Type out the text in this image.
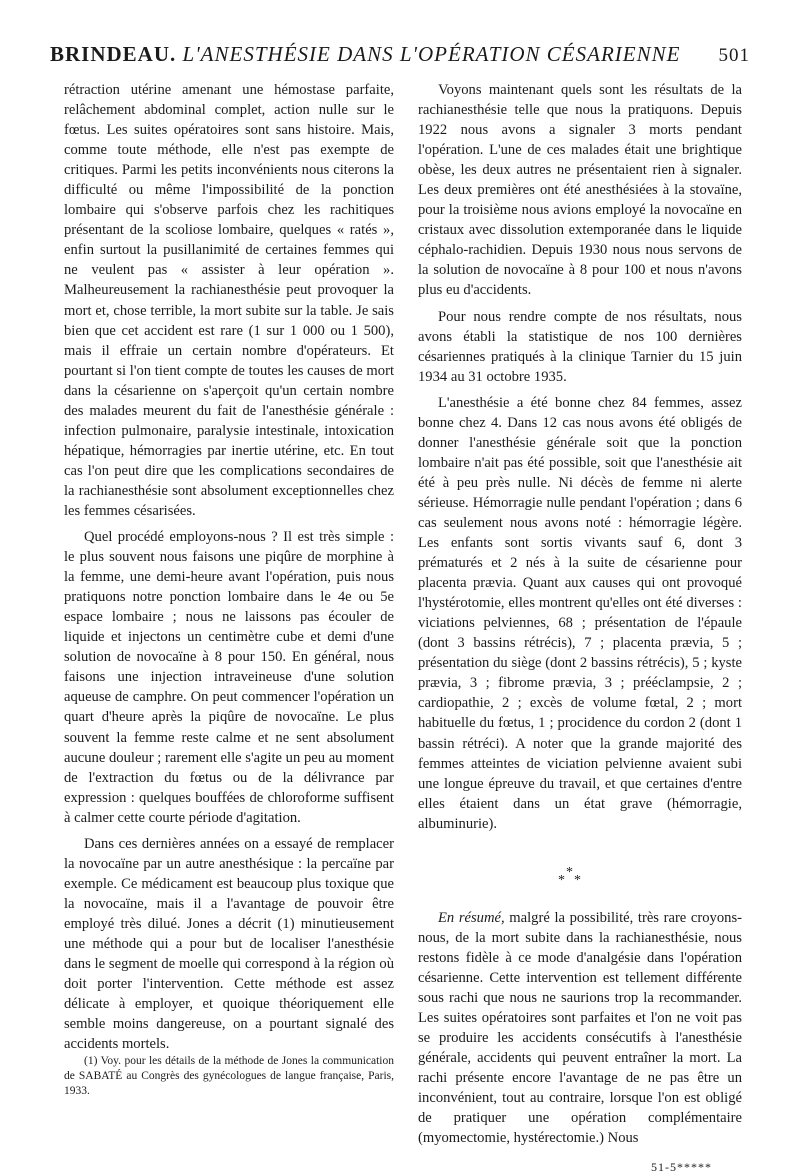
BRINDEAU. L'ANESTHÉSIE DANS L'OPÉRATION CÉSARIENNE 501

rétraction utérine amenant une hémostase parfaite, relâchement abdominal complet, action nulle sur le fœtus. Les suites opératoires sont sans histoire. Mais, comme toute méthode, elle n'est pas exempte de critiques. Parmi les petits inconvénients nous citerons la difficulté ou même l'impossibilité de la ponction lombaire qui s'observe parfois chez les rachitiques présentant de la scoliose lombaire, quelques « ratés », enfin surtout la pusillanimité de certaines femmes qui ne veulent pas « assister à leur opération ». Malheureusement la rachianesthésie peut provoquer la mort et, chose terrible, la mort subite sur la table. Je sais bien que cet accident est rare (1 sur 1 000 ou 1 500), mais il effraie un certain nombre d'opérateurs. Et pourtant si l'on tient compte de toutes les causes de mort dans la césarienne on s'aperçoit qu'un certain nombre des malades meurent du fait de l'anesthésie générale : infection pulmonaire, paralysie intestinale, intoxication hépatique, hémorragies par inertie utérine, etc. En tout cas l'on peut dire que les complications secondaires de la rachianesthésie sont absolument exceptionnelles chez les femmes césarisées.

Quel procédé employons-nous ? Il est très simple : le plus souvent nous faisons une piqûre de morphine à la femme, une demi-heure avant l'opération, puis nous pratiquons notre ponction lombaire dans le 4e ou 5e espace lombaire ; nous ne laissons pas écouler de liquide et injectons un centimètre cube et demi d'une solution de novocaïne à 8 pour 150. En général, nous faisons une injection intraveineuse d'une solution aqueuse de camphre. On peut commencer l'opération un quart d'heure après la piqûre de novocaïne. Le plus souvent la femme reste calme et ne sent absolument aucune douleur ; rarement elle s'agite un peu au moment de l'extraction du fœtus ou de la délivrance par expression : quelques bouffées de chloroforme suffisent à calmer cette courte période d'agitation.

Dans ces dernières années on a essayé de remplacer la novocaïne par un autre anesthésique : la percaïne par exemple. Ce médicament est beaucoup plus toxique que la novocaïne, mais il a l'avantage de pouvoir être employé très dilué. Jones a décrit (1) minutieusement une méthode qui a pour but de localiser l'anesthésie dans le segment de moelle qui correspond à la région où doit porter l'intervention. Cette méthode est assez délicate à employer, et quoique théoriquement elle semble moins dangereuse, on a pourtant signalé des accidents mortels.

(1) Voy. pour les détails de la méthode de Jones la communication de SABATÉ au Congrès des gynécologues de langue française, Paris, 1933.

Voyons maintenant quels sont les résultats de la rachianesthésie telle que nous la pratiquons. Depuis 1922 nous avons a signaler 3 morts pendant l'opération. L'une de ces malades était une brightique obèse, les deux autres ne présentaient rien à signaler. Les deux premières ont été anesthésiées à la stovaïne, pour la troisième nous avions employé la novocaïne en cristaux avec dissolution extemporanée dans le liquide céphalo-rachidien. Depuis 1930 nous nous servons de la solution de novocaïne à 8 pour 100 et nous n'avons plus eu d'accidents.

Pour nous rendre compte de nos résultats, nous avons établi la statistique de nos 100 dernières césariennes pratiqués à la clinique Tarnier du 15 juin 1934 au 31 octobre 1935.

L'anesthésie a été bonne chez 84 femmes, assez bonne chez 4. Dans 12 cas nous avons été obligés de donner l'anesthésie générale soit que la ponction lombaire n'ait pas été possible, soit que l'anesthésie ait été à peu près nulle. Ni décès de femme ni alerte sérieuse. Hémorragie nulle pendant l'opération ; dans 6 cas seulement nous avons noté : hémorragie légère. Les enfants sont sortis vivants sauf 6, dont 3 prématurés et 2 nés à la suite de césarienne pour placenta prævia. Quant aux causes qui ont provoqué l'hystérotomie, elles montrent qu'elles ont été diverses : viciations pelviennes, 68 ; présentation de l'épaule (dont 3 bassins rétrécis), 7 ; placenta prævia, 5 ; présentation du siège (dont 2 bassins rétrécis), 5 ; kyste prævia, 3 ; fibrome prævia, 3 ; prééclampsie, 2 ; cardiopathie, 2 ; excès de volume fœtal, 2 ; mort habituelle du fœtus, 1 ; procidence du cordon 2 (dont 1 bassin rétréci). A noter que la grande majorité des femmes atteintes de viciation pelvienne avaient subi une longue épreuve du travail, et que certaines d'entre elles étaient dans un état grave (hémorragie, albuminurie).

*
* *

En résumé, malgré la possibilité, très rare croyons-nous, de la mort subite dans la rachianesthésie, nous restons fidèle à ce mode d'analgésie dans l'opération césarienne. Cette intervention est tellement différente sous rachi que nous ne saurions trop la recommander. Les suites opératoires sont parfaites et l'on ne voit pas se produire les accidents consécutifs à l'anesthésie générale, accidents qui peuvent entraîner la mort. La rachi présente encore l'avantage de ne pas être un inconvénient, tout au contraire, lorsque l'on est obligé de pratiquer une opération complémentaire (myomectomie, hystérectomie.) Nous

51-5*****
